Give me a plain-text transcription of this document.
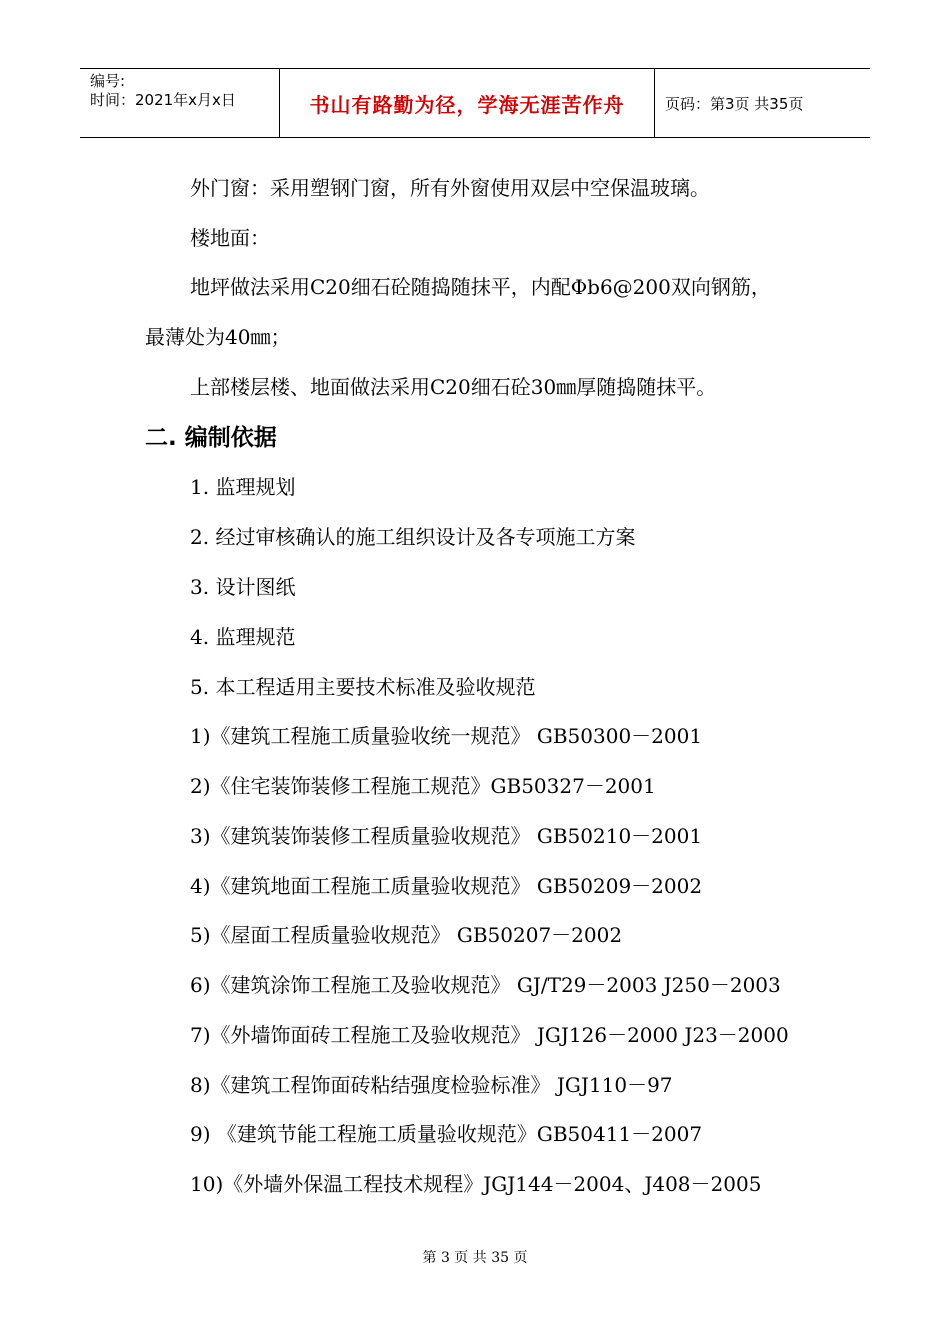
编号:
时间：2021年x月x日	书山有路勤为径，学海无涯苦作舟	页码：第3页 共35页
外门窗：采用塑钢门窗，所有外窗使用双层中空保温玻璃。
楼地面：
地坪做法采用C20细石砼随捣随抹平，内配Φb6@200双向钢筋，
最薄处为40㎜；
上部楼层楼、地面做法采用C20细石砼30㎜厚随捣随抹平。
二. 编制依据
1. 监理规划
2. 经过审核确认的施工组织设计及各专项施工方案
3. 设计图纸
4. 监理规范
5. 本工程适用主要技术标准及验收规范
1)《建筑工程施工质量验收统一规范》 GB50300－2001
2)《住宅装饰装修工程施工规范》GB50327－2001
3)《建筑装饰装修工程质量验收规范》 GB50210－2001
4)《建筑地面工程施工质量验收规范》 GB50209－2002
5)《屋面工程质量验收规范》 GB50207－2002
6)《建筑涂饰工程施工及验收规范》 GJ/T29－2003 J250－2003
7)《外墙饰面砖工程施工及验收规范》 JGJ126－2000 J23－2000
8)《建筑工程饰面砖粘结强度检验标准》 JGJ110－97
9) 《建筑节能工程施工质量验收规范》GB50411－2007
10)《外墙外保温工程技术规程》JGJ144－2004、J408－2005
第 3 页 共 35 页
